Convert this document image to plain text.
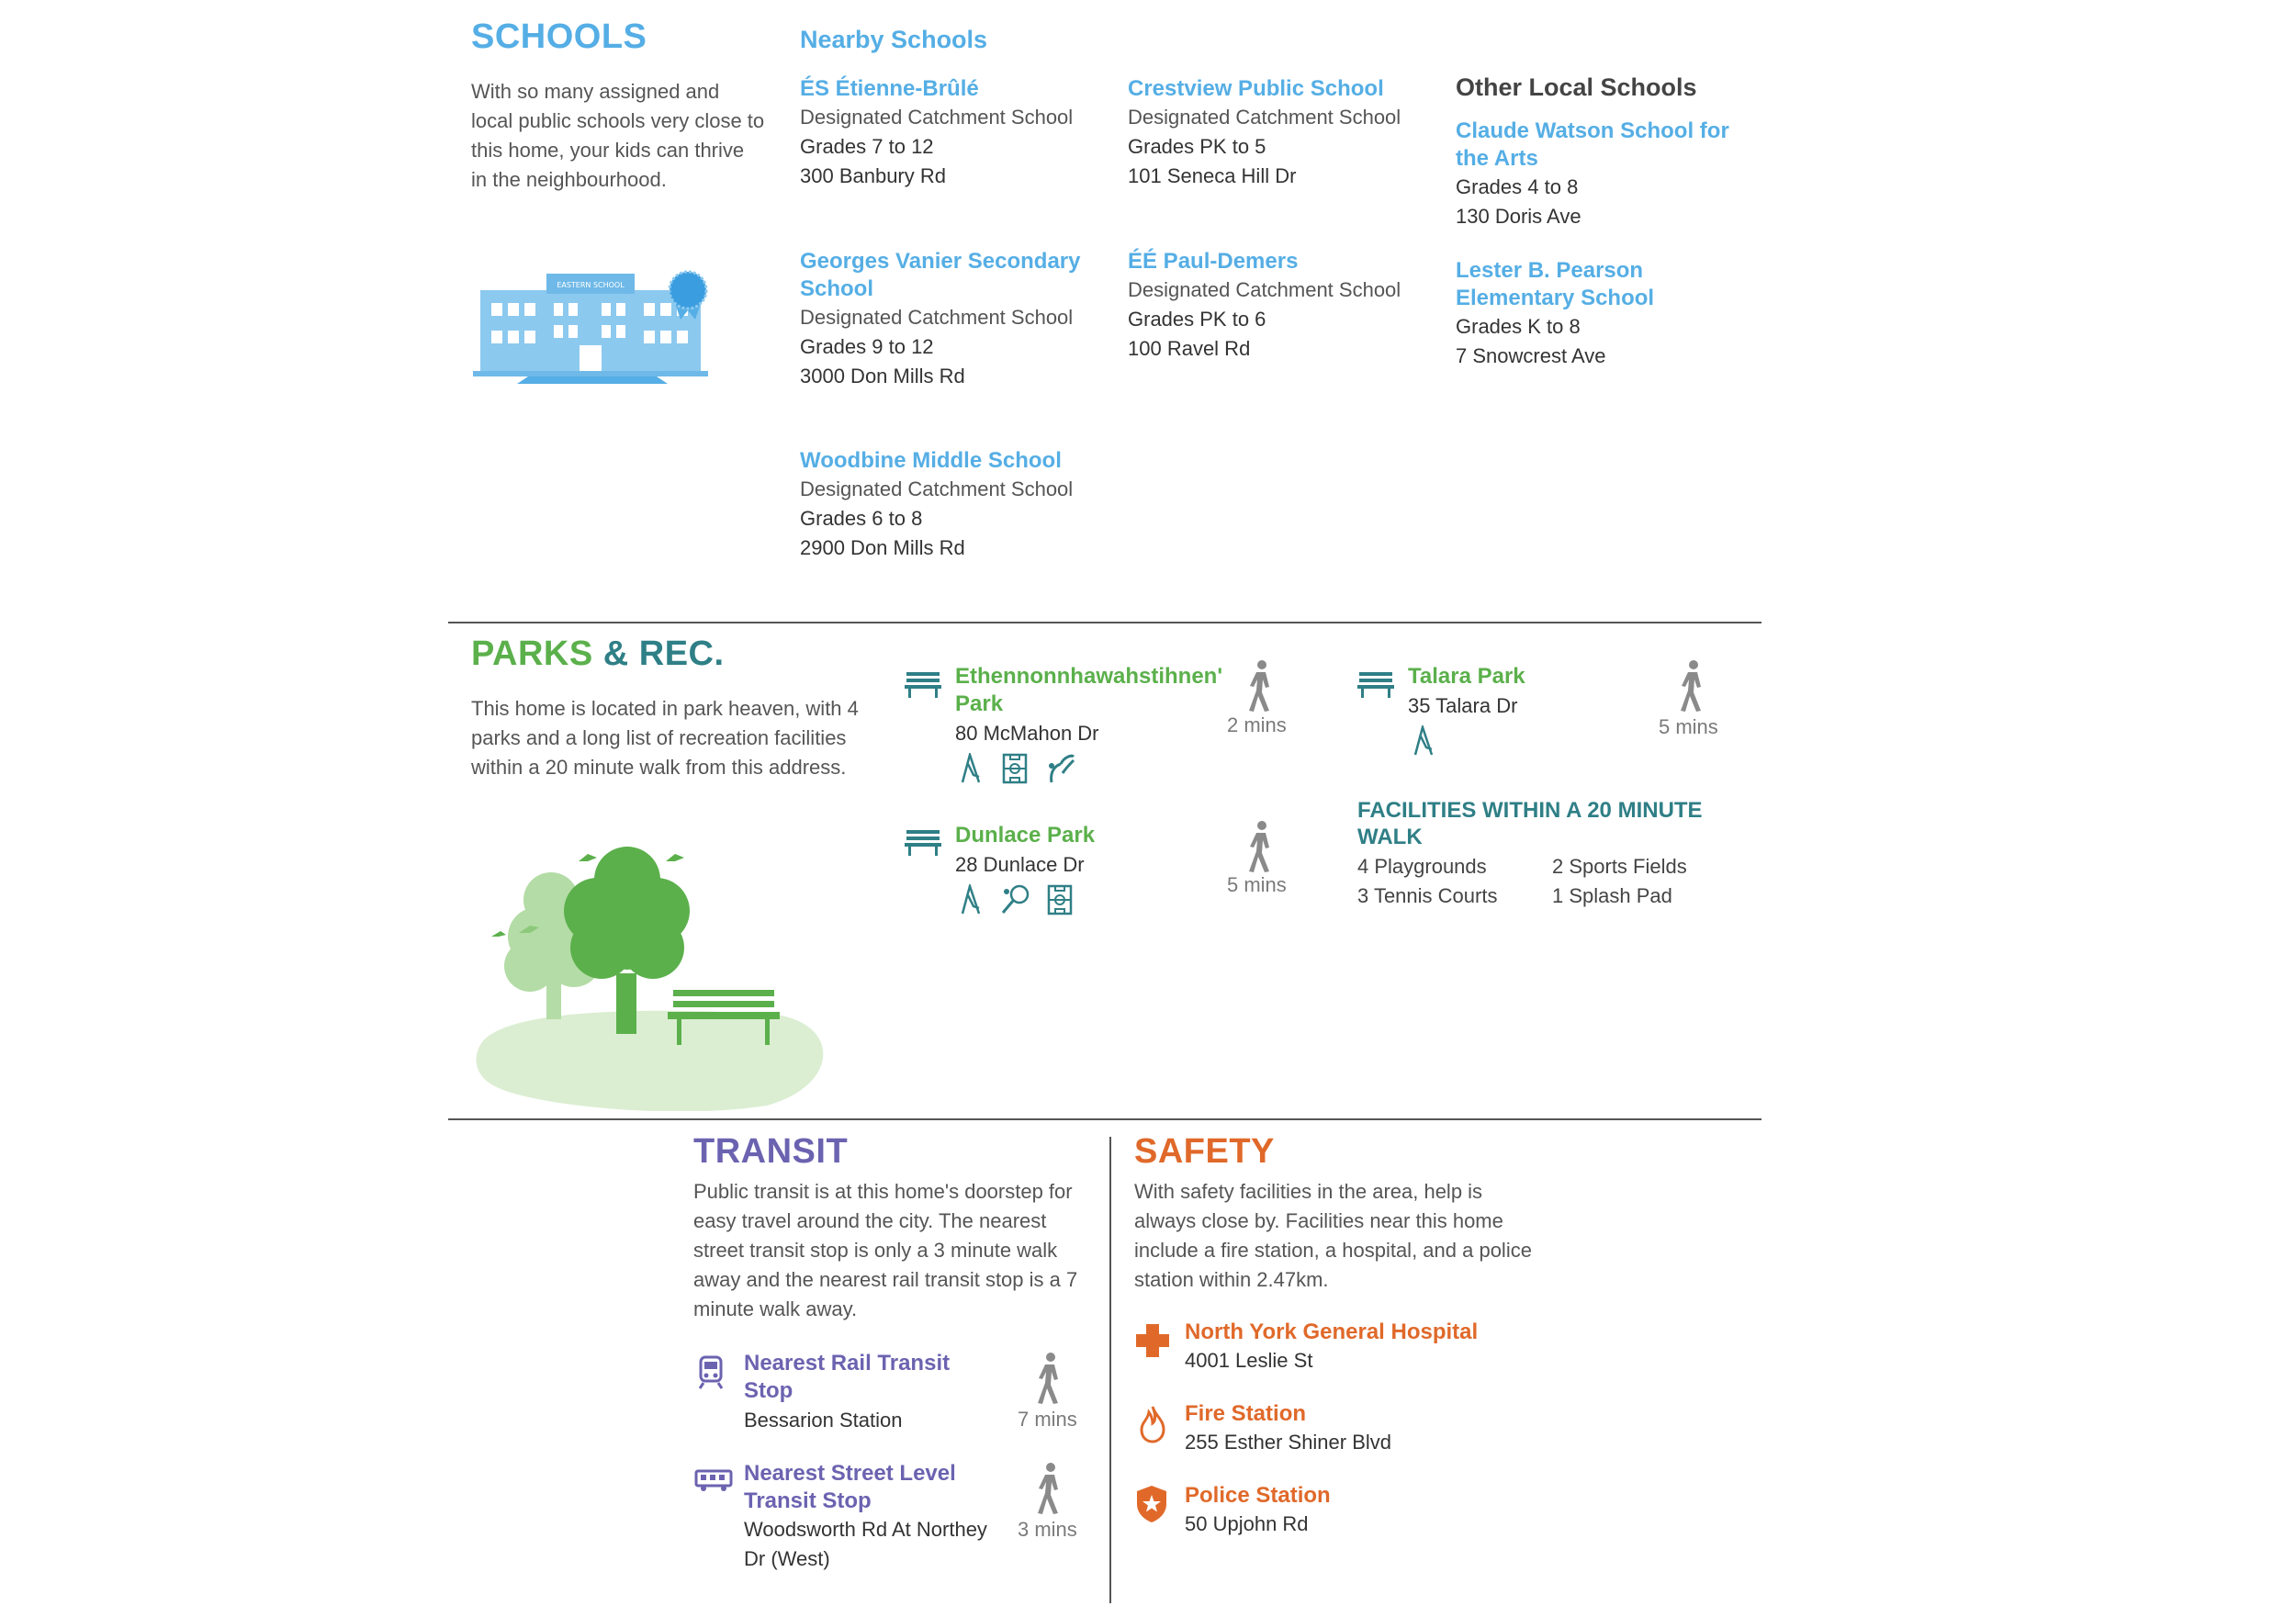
SCHOOLS
With so many assigned and local public schools very close to this home, your kids can thrive in the neighbourhood.
EASTERN SCHOOL
Nearby Schools
ÉS Étienne-Brûlé
Designated Catchment School
Grades 7 to 12
300 Banbury Rd
Georges Vanier Secondary School
Designated Catchment School
Grades 9 to 12
3000 Don Mills Rd
Woodbine Middle School
Designated Catchment School
Grades 6 to 8
2900 Don Mills Rd
Crestview Public School
Designated Catchment School
Grades PK to 5
101 Seneca Hill Dr
ÉÉ Paul-Demers
Designated Catchment School
Grades PK to 6
100 Ravel Rd
Other Local Schools
Claude Watson School for the Arts
Grades 4 to 8
130 Doris Ave
Lester B. Pearson Elementary School
Grades K to 8
7 Snowcrest Ave
PARKS & REC.
This home is located in park heaven, with 4 parks and a long list of recreation facilities within a 20 minute walk from this address.
Ethennonnhawahstihnen' Park
80 McMahon Dr
	2 mins
Dunlace Park
28 Dunlace Dr

5 mins
Talara Park
35 Talara Dr
5 mins
FACILITIES WITHIN A 20 MINUTE WALK
4 Playgrounds	2 Sports Fields
3 Tennis Courts	1 Splash Pad
TRANSIT
Public transit is at this home's doorstep for easy travel around the city. The nearest street transit stop is only a 3 minute walk away and the nearest rail transit stop is a 7 minute walk away.
Nearest Rail Transit Stop
Bessarion Station	7 mins
Nearest Street Level Transit Stop
Woodsworth Rd At Northey Dr (West)
3 mins
SAFETY
With safety facilities in the area, help is always close by. Facilities near this home include a fire station, a hospital, and a police station within 2.47km.
North York General Hospital
4001 Leslie St
Fire Station
255 Esther Shiner Blvd
Police Station
50 Upjohn Rd
